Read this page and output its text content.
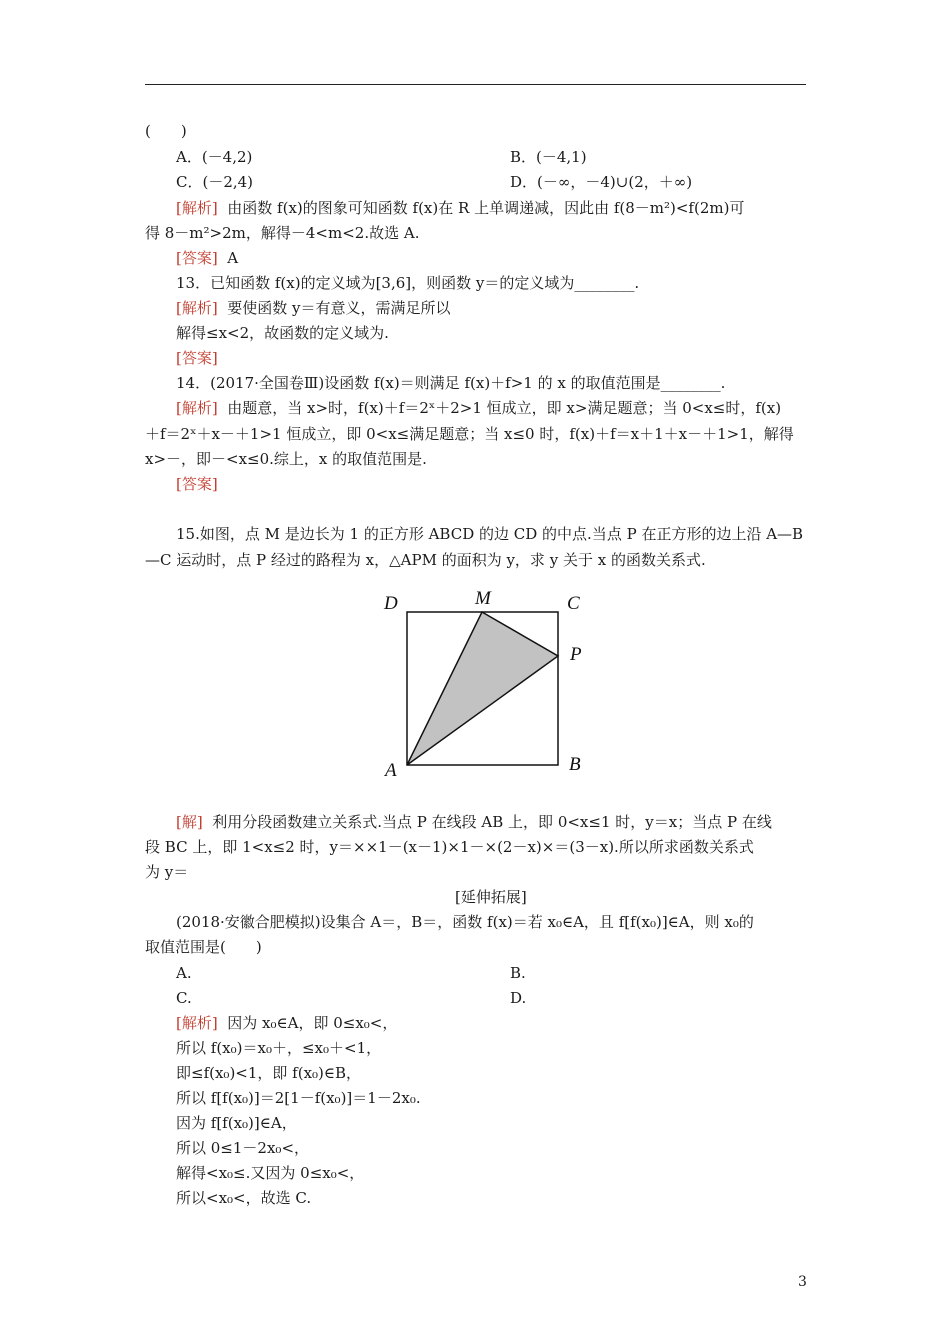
(　　)
A．(－4,2)	B．(－4,1)
C．(－2,4)	D．(－∞，－4)∪(2，＋∞)
[解析] 由函数 f(x)的图象可知函数 f(x)在 R 上单调递减，因此由 f(8－m²)<f(2m)可
得 8－m²>2m，解得－4<m<2.故选 A.
[答案] A
13．已知函数 f(x)的定义域为[3,6]，则函数 y＝的定义域为________.
[解析] 要使函数 y＝有意义，需满足所以
解得≤x<2，故函数的定义域为.
[答案]
14．(2017·全国卷Ⅲ)设函数 f(x)＝则满足 f(x)＋f>1 的 x 的取值范围是________.
[解析] 由题意，当 x>时，f(x)＋f＝2ˣ＋2>1 恒成立，即 x>满足题意；当 0<x≤时，f(x)
＋f＝2ˣ＋x－＋1>1 恒成立，即 0<x≤满足题意；当 x≤0 时，f(x)＋f＝x＋1＋x－＋1>1，解得
x>－，即－<x≤0.综上，x 的取值范围是.
[答案]
15.如图，点 M 是边长为 1 的正方形 ABCD 的边 CD 的中点.当点 P 在正方形的边上沿 A—B
—C 运动时，点 P 经过的路程为 x，△APM 的面积为 y，求 y 关于 x 的函数关系式.
D	M	C
P
A	B
[解] 利用分段函数建立关系式.当点 P 在线段 AB 上，即 0<x≤1 时，y＝x；当点 P 在线
段 BC 上，即 1<x≤2 时，y＝××1－(x－1)×1－×(2－x)×＝(3－x).所以所求函数关系式
为 y＝
[延伸拓展]
(2018·安徽合肥模拟)设集合 A＝，B＝，函数 f(x)＝若 x₀∈A，且 f[f(x₀)]∈A，则 x₀的
取值范围是(　　)
A.	B.
C.	D.
[解析] 因为 x₀∈A，即 0≤x₀<，
所以 f(x₀)＝x₀＋，≤x₀＋<1，
即≤f(x₀)<1，即 f(x₀)∈B，
所以 f[f(x₀)]＝2[1－f(x₀)]＝1－2x₀.
因为 f[f(x₀)]∈A，
所以 0≤1－2x₀<，
解得<x₀≤.又因为 0≤x₀<，
所以<x₀<，故选 C.
3
